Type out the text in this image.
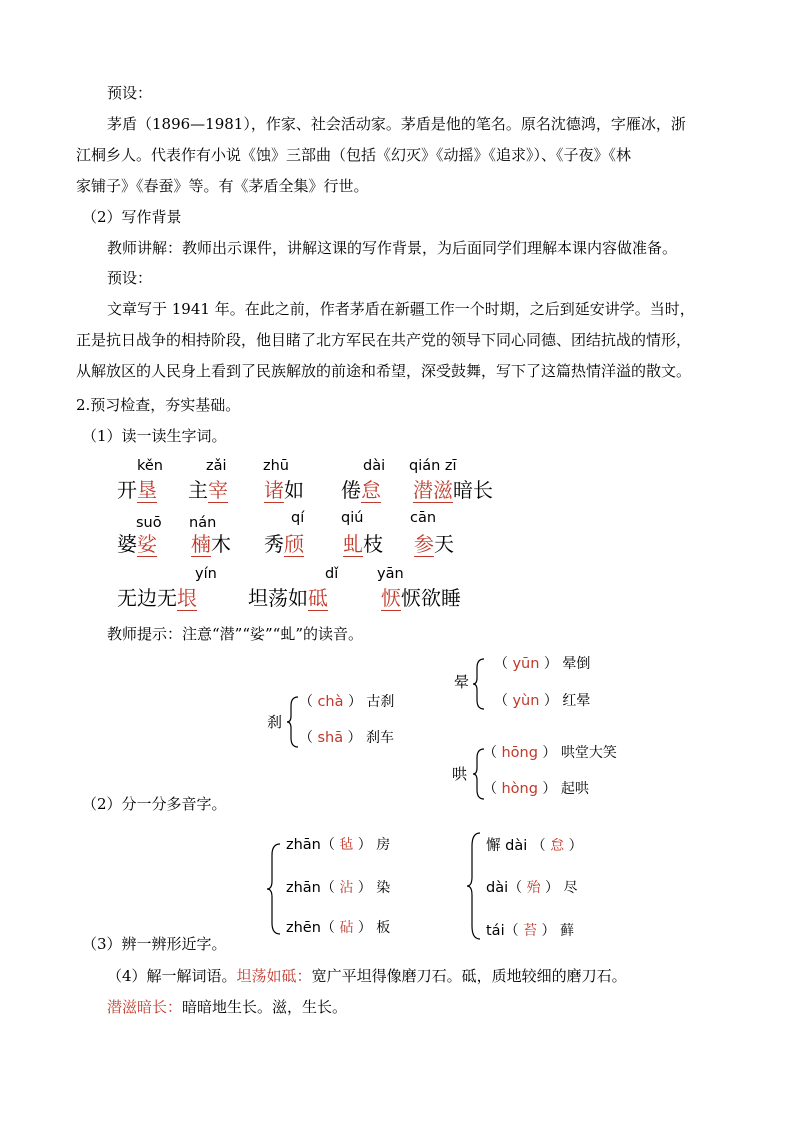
预设：
茅盾（1896—1981），作家、社会活动家。茅盾是他的笔名。原名沈德鸿，字雁冰，浙
江桐乡人。代表作有小说《蚀》三部曲（包括《幻灭》《动摇》《追求》）、《子夜》《林
家铺子》《春蚕》等。有《茅盾全集》行世。
（2）写作背景
教师讲解：教师出示课件，讲解这课的写作背景，为后面同学们理解本课内容做准备。
预设：
文章写于 1941 年。在此之前，作者茅盾在新疆工作一个时期，之后到延安讲学。当时，
正是抗日战争的相持阶段，他目睹了北方军民在共产党的领导下同心同德、团结抗战的情形，
从解放区的人民身上看到了民族解放的前途和希望，深受鼓舞，写下了这篇热情洋溢的散文。
2.预习检查，夯实基础。
（1）读一读生字词。
kěn
开垦
zǎi
主宰
zhū
诸如
dài
倦怠
qián zī
潜滋暗长
suō
婆娑
nán
楠木
qí
秀颀
qiú
虬枝
cān
参天
yín
无边无垠
dǐ
坦荡如砥
yān
恹恹欲睡
教师提示：注意“潜”“娑”“虬”的读音。
晕
（ yūn ） 晕倒
（ yùn ） 红晕
刹
（ chà ） 古刹
（ shā ） 刹车
哄
（ hōng ） 哄堂大笑
（ hòng ） 起哄
（2）分一分多音字。
zhān（ 毡 ） 房
zhān（ 沾 ） 染
zhēn（ 砧 ） 板
懈 dài （ 怠 ）
dài（ 殆 ） 尽
tái（ 苔 ） 藓
（3）辨一辨形近字。
（4）解一解词语。坦荡如砥：宽广平坦得像磨刀石。砥，质地较细的磨刀石。
潜滋暗长：暗暗地生长。滋，生长。
